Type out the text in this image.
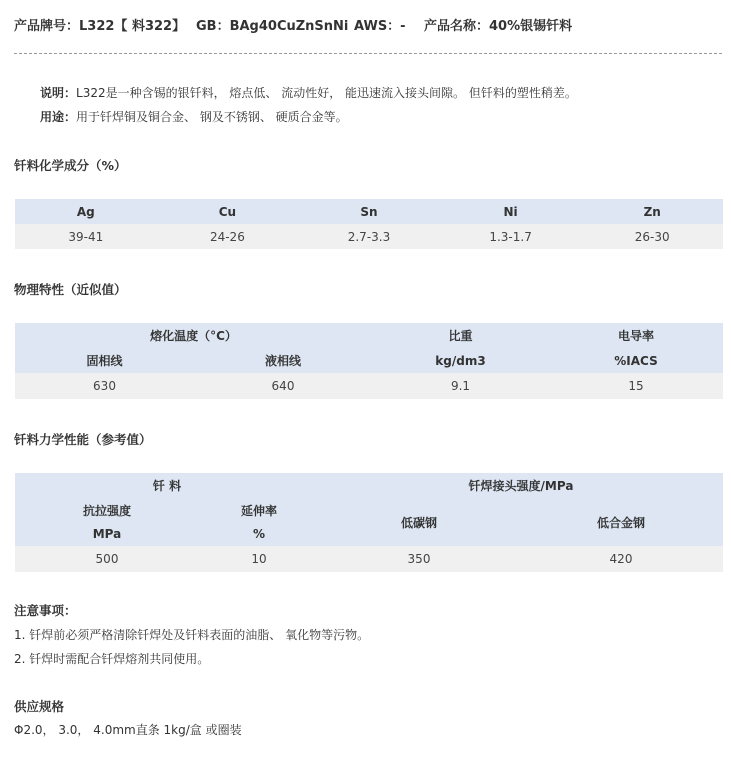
产品牌号：L322【 料322】 GB：BAg40CuZnSnNi AWS：- 产品名称：40%银锡钎料
说明：L322是一种含锡的银钎料， 熔点低、 流动性好， 能迅速流入接头间隙。 但钎料的塑性稍差。
用途：用于钎焊铜及铜合金、 钢及不锈钢、 硬质合金等。
钎料化学成分（%）
Ag	Cu	Sn	Ni	Zn
39-41	24-26	2.7-3.3	1.3-1.7	26-30
物理特性（近似值）
熔化温度（°C）		比重	电导率
固相线	液相线	kg/dm3	%IACS
630	640	9.1	15
钎料力学性能（参考值）
钎 料		钎焊接头强度/MPa	
抗拉强度	延伸率	低碳钢	低合金钢
MPa	%		
500	10	350	420
注意事项：
1. 钎焊前必须严格清除钎焊处及钎料表面的油脂、 氧化物等污物。
2. 钎焊时需配合钎焊熔剂共同使用。
供应规格
Φ2.0， 3.0， 4.0mm直条 1kg/盒 或圈装
